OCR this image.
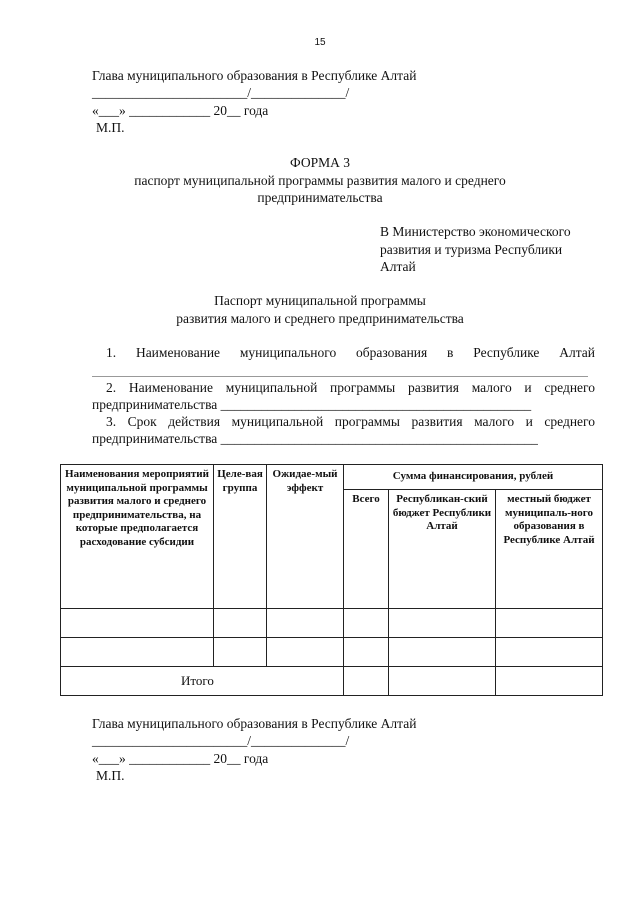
15
Глава муниципального образования в Республике Алтай
_______________________/______________/
«___» ____________ 20__ года
М.П.
ФОРМА 3
паспорт муниципальной программы развития малого и среднего
предпринимательства
В Министерство экономического
развития и туризма Республики
Алтай
Паспорт муниципальной программы
развития малого и среднего предпринимательства
1. Наименование муниципального образования в Республике Алтай
2. Наименование муниципальной программы развития малого и среднего
предпринимательства ______________________________________________
3. Срок действия муниципальной программы развития малого и среднего
предпринимательства _______________________________________________
Наименования мероприятий муниципальной программы развития малого и среднего предпринимательства, на которые предполагается расходование субсидии	Целе-вая группа	Ожидае-мый эффект	Сумма финансирования, рублей		
			Всего	Республикан-ский бюджет Республики Алтай	местный бюджет муниципаль-ного образования в Республике Алтай

Итого					
Глава муниципального образования в Республике Алтай
_______________________/______________/
«___» ____________ 20__ года
М.П.
